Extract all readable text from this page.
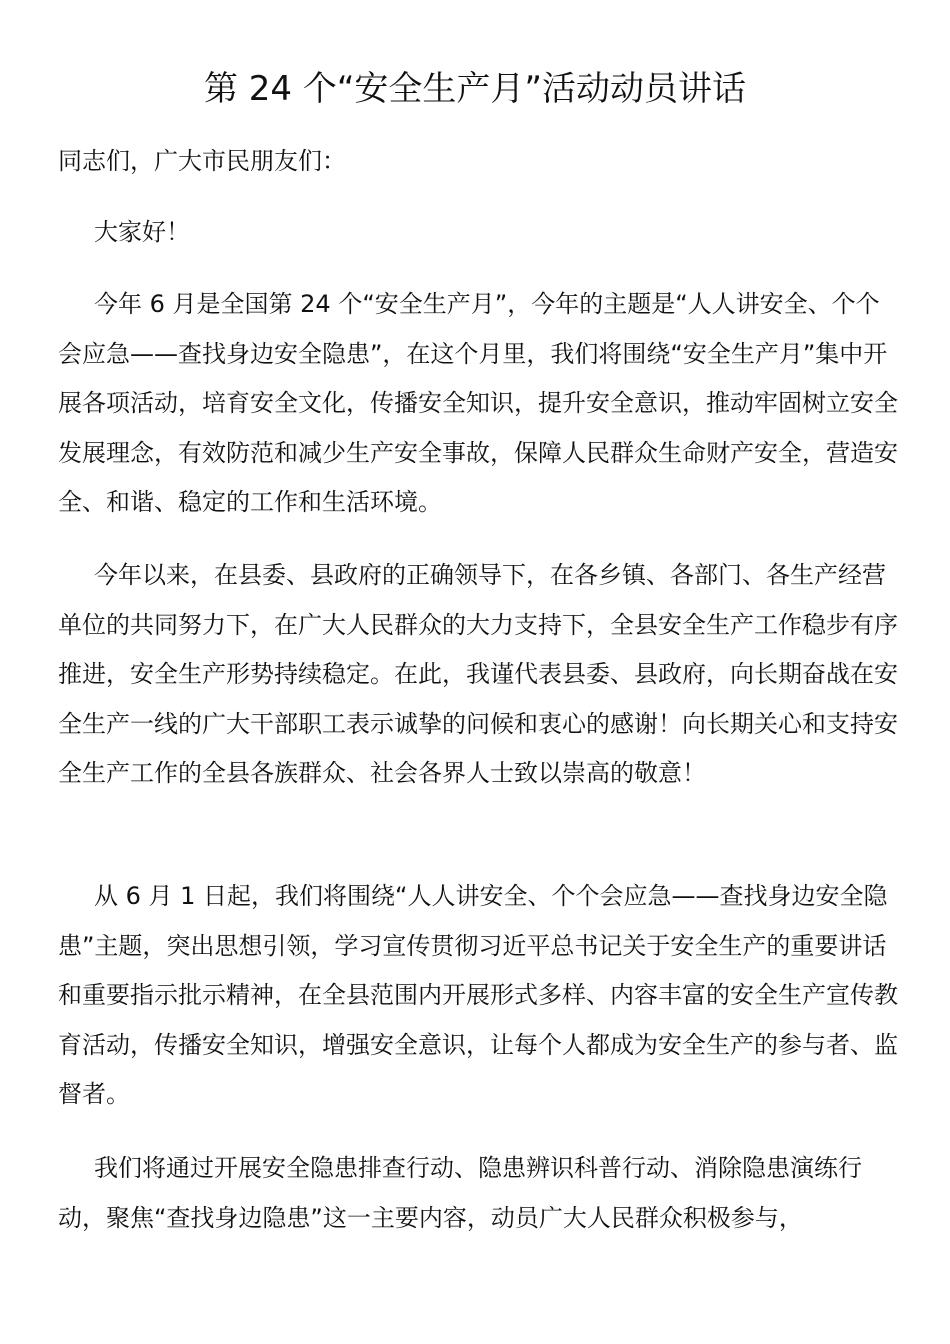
第 24 个“安全生产月”活动动员讲话

同志们，广大市民朋友们：

大家好！

今年 6 月是全国第 24 个“安全生产月”，今年的主题是“人人讲安全、个个会应急——查找身边安全隐患”，在这个月里，我们将围绕“安全生产月”集中开展各项活动，培育安全文化，传播安全知识，提升安全意识，推动牢固树立安全发展理念，有效防范和减少生产安全事故，保障人民群众生命财产安全，营造安全、和谐、稳定的工作和生活环境。

今年以来，在县委、县政府的正确领导下，在各乡镇、各部门、各生产经营单位的共同努力下，在广大人民群众的大力支持下，全县安全生产工作稳步有序推进，安全生产形势持续稳定。在此，我谨代表县委、县政府，向长期奋战在安全生产一线的广大干部职工表示诚挚的问候和衷心的感谢！向长期关心和支持安全生产工作的全县各族群众、社会各界人士致以崇高的敬意！

从 6 月 1 日起，我们将围绕“人人讲安全、个个会应急——查找身边安全隐患”主题，突出思想引领，学习宣传贯彻习近平总书记关于安全生产的重要讲话和重要指示批示精神，在全县范围内开展形式多样、内容丰富的安全生产宣传教育活动，传播安全知识，增强安全意识，让每个人都成为安全生产的参与者、监督者。

我们将通过开展安全隐患排查行动、隐患辨识科普行动、消除隐患演练行动，聚焦“查找身边隐患”这一主要内容，动员广大人民群众积极参与，
